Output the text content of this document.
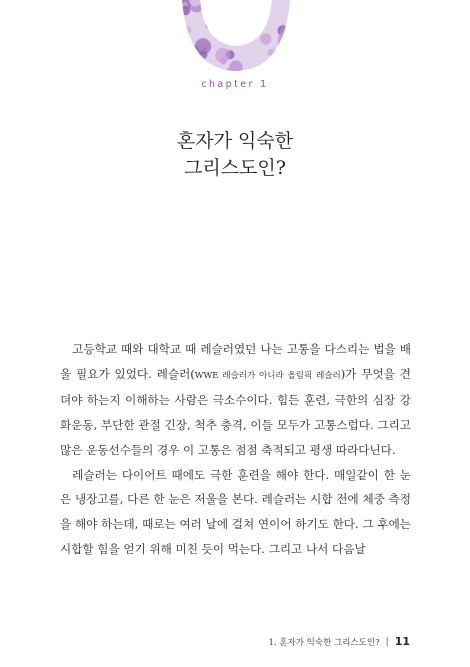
chapter 1
혼자가 익숙한
그리스도인?

고등학교 때와 대학교 때 레슬러였던 나는 고통을 다스리는 법을 배울 필요가 있었다. 레슬러(WWE 레슬러가 아니라 올림픽 레슬러)가 무엇을 견뎌야 하는지 이해하는 사람은 극소수이다. 힘든 훈련, 극한의 심장 강화운동, 부단한 관절 긴장, 척추 충격, 이들 모두가 고통스럽다. 그리고 많은 운동선수들의 경우 이 고통은 점점 축적되고 평생 따라다닌다.

레슬러는 다이어트 때에도 극한 훈련을 해야 한다. 매일같이 한 눈은 냉장고를, 다른 한 눈은 저울을 본다. 레슬러는 시합 전에 체중 측정을 해야 하는데, 때로는 여러 날에 걸쳐 연이어 하기도 한다. 그 후에는 시합할 힘을 얻기 위해 미친 듯이 먹는다. 그리고 나서 다음날

1. 혼자가 익숙한 그리스도인? | 11
